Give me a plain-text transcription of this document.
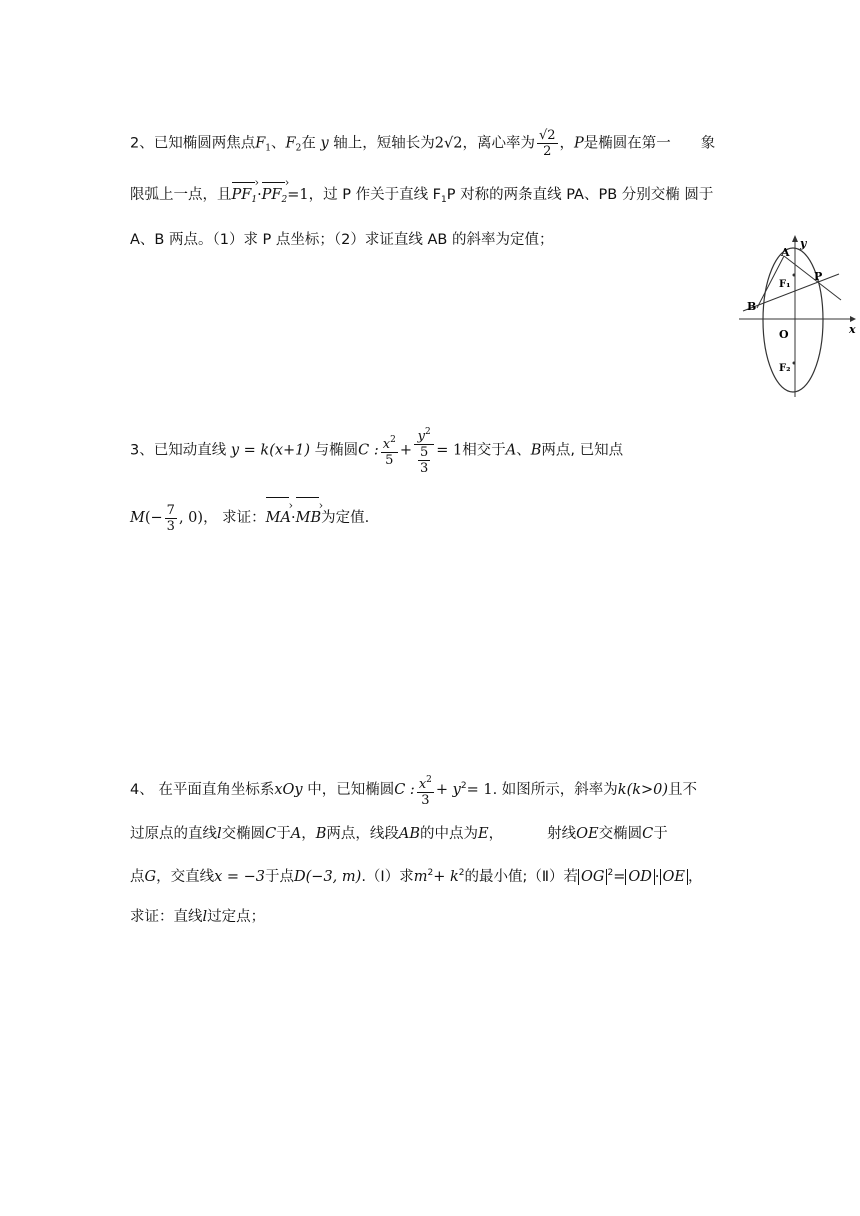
2、已知椭圆两焦点$F_1$、$F_2$在 y 轴上，短轴长为2√2，离心率为 $\frac{√2}{2}$ ，P是椭圆在第一 象
限弧上一点，且$PF_1$ $›\cdot PF_2$ ›=1，过 P 作关于直线 $F_1P$ 对称的两条直线 PA、PB 分别交椭 圆于
A、B 两点。（1）求 P 点坐标；（2）求证直线 AB 的斜率为定值；
A
y
F₁
P
B
O	x
F₂
3、已知动直线 y = k(x+1) 与椭圆C : $\frac{x^2}{5} + \frac{y^2}{\frac{5}{3}} = 1$相交于A、B两点, 已知点
$M(- \frac{7}{3}$ , 0)， 求证：MA ›·MB ›为定值.
4、 在平面直角坐标系xOy 中，已知椭圆C : $\frac{x^2}{3} + y^2= 1$. 如图所示，斜率为k(k>0)且不
过原点的直线l交椭圆C于A，B两点，线段AB的中点为E，	射线OE交椭圆C于
点G，交直线x = −3于点D(−3, m).（Ⅰ）求$m^2+ k^2$的最小值;（Ⅱ）若 OG $^2$= OD · OE ，
求证：直线l过定点；
